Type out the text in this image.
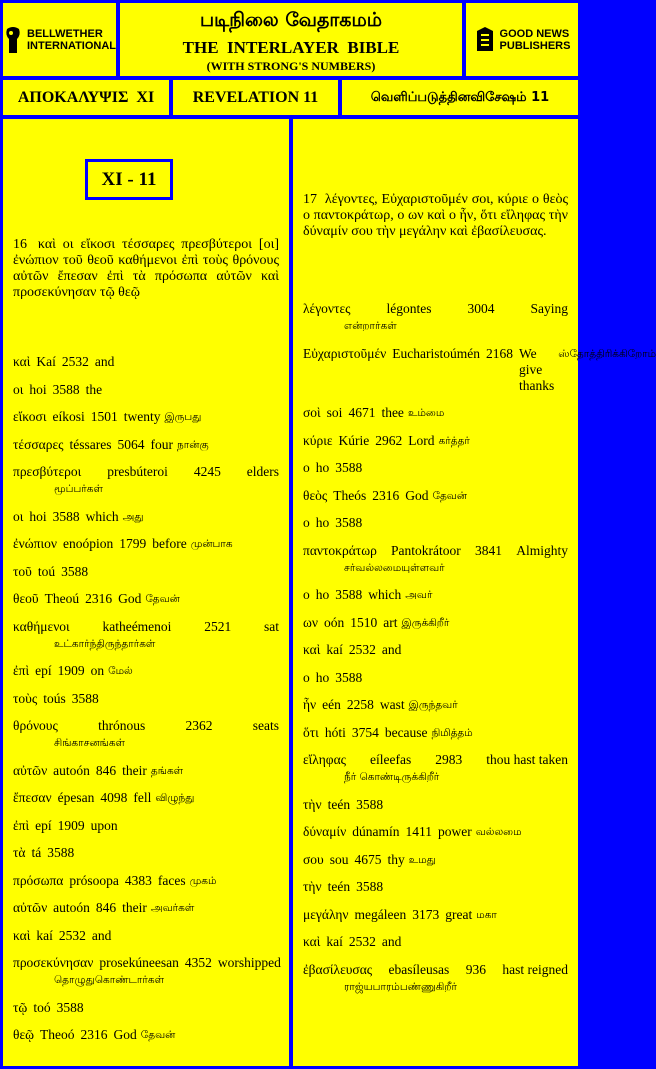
BELLWETHER
INTERNATIONAL
படிநிலை வேதாகமம்
THE  INTERLAYER  BIBLE
(WITH STRONG'S NUMBERS)
GOOD NEWS
PUBLISHERS
ΑΠΟΚΑΛΥΨΙΣ  XI REVELATION 11	வெளிப்படுத்தினவிசேஷம் 11
XI - 11
16 καὶ οι εἴκοσι τέσσαρες πρεσβύτεροι [οι] ἐνώπιον τοῦ θεοῦ καθήμενοι ἐπὶ τοὺς θρόνους αὐτῶν ἔπεσαν ἐπὶ τὰ πρόσωπα αὐτῶν καὶ προσεκύνησαν τῷ θεῷ
καὶ Kaí 2532 and
οι hoi 3588 the
εἴκοσι eíkosi 1501 twenty இருபது
τέσσαρες téssares 5064 four நான்கு
πρεσβύτεροι presbúteroi 4245 elders
மூப்பர்கள்
οι hoi 3588 which அது
ἐνώπιον enoópion 1799 before முன்பாக
τοῦ toú 3588
θεοῦ Theoú 2316 God தேவன்
καθήμενοι katheémenoi 2521 sat
உட்கார்ந்திருந்தார்கள்
ἐπὶ epí 1909 on மேல்
τοὺς toús 3588
θρόνους	thrónous	2362	seats
சிங்காசனங்கள்
αὐτῶν autoón 846 their தங்கள்
ἔπεσαν épesan 4098 fell விழுந்து
ἐπὶ epí 1909 upon
τὰ tá 3588
πρόσωπα prósoopa 4383 faces முகம்
αὐτῶν autoón 846 their அவர்கள்
καὶ kaí 2532 and
προσεκύνησαν prosekúneesan 4352 worshipped
தொழுதுகொண்டார்கள்
τῷ toó 3588
θεῷ Theoó 2316 God தேவன்
17 λέγοντες, Εὐχαριστοῦμέν σοι, κύριε ο θεὸς ο παντοκράτωρ, ο ων καὶ ο ἦν, ὅτι εἴληφας τὴν δύναμίν σου τὴν μεγάλην καὶ ἐβασίλευσας.
λέγοντες	légontes	3004	Saying
என்றார்கள்
Εὐχαριστοῦμέν Eucharistoúmén 2168 We give thanks
ஸ்தோத்திரிக்கிறோம்
σοὶ soi 4671 thee உம்மை
κύριε Kúrie 2962 Lord கர்த்தர்
ο ho 3588
θεὸς Theós 2316 God தேவன்
ο ho 3588
παντοκράτωρ Pantokrátoor 3841 Almighty
சர்வல்லமையுள்ளவர்
ο ho 3588 which அவர்
ων oón 1510 art இருக்கிறீர்
καὶ kaí 2532 and
ο ho 3588
ἦν eén 2258 wast இருந்தவர்
ὅτι hóti 3754 because நிமித்தம்
εἴληφας eíleefas 2983 thou hast taken
நீர் கொண்டிருக்கிறீர்
τὴν teén 3588
δύναμίν dúnamín 1411 power வல்லமை
σου sou 4675 thy உமது
τὴν teén 3588
μεγάλην megáleen 3173 great மகா
καὶ kaí 2532 and
ἐβασίλευσας ebasíleusas 936 hast reigned
ராஜ்யபாரம்பண்ணுகிறீர்
